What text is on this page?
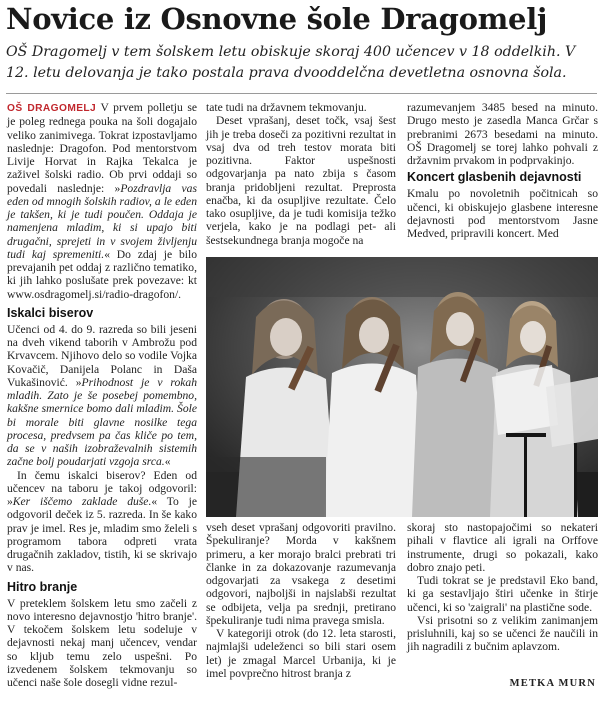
Novice iz Osnovne šole Dragomelj
OŠ Dragomelj v tem šolskem letu obiskuje skoraj 400 učencev v 18 oddelkih. V 12. letu delovanja je tako postala prava dvooddelčna devetletna osnovna šola.

OŠ DRAGOMELJ V prvem polletju se je poleg rednega pouka na šoli dogajalo veliko zanimivega. Tokrat izpostavljamo naslednje: Dragofon. Pod mentorstvom Livije Horvat in Rajka Tekalca je zaživel šolski radio. Ob prvi oddaji so povedali naslednje: »Pozdravlja vas eden od mnogih šolskih radiov, a le eden je takšen, ki je tudi poučen. Oddaja je namenjena mladim, ki si upajo biti drugačni, sprejeti in v svojem življenju tudi kaj spremeniti.« Do zdaj je bilo prevajanih pet oddaj z različno tematiko, ki jih lahko poslušate prek povezave: kt www.osdragomelj.si/radio-dragofon/.

Iskalci biserov

Učenci od 4. do 9. razreda so bili jeseni na dveh vikend taborih v Ambrožu pod Krvavcem. Njihovo delo so vodile Vojka Kovačič, Danijela Polanc in Daša Vukašinović. »Prihodnost je v rokah mladih. Zato je še posebej pomembno, kakšne smernice bomo dali mladim. Šole bi morale biti glavne nosilke tega procesa, predvsem pa čas kliče po tem, da se v naših izobraževalnih sistemih začne bolj poudarjati vzgoja srca.«

In čemu iskalci biserov? Eden od učencev na taboru je takoj odgovoril: »Ker iščemo zaklade duše.« To je odgovoril deček iz 5. razreda. In še kako prav je imel. Res je, mladim smo želeli s programom tabora odpreti vrata drugačnih zakladov, tistih, ki se skrivajo v nas.

Hitro branje

V preteklem šolskem letu smo začeli z novo interesno dejavnostjo 'hitro branje'. V tekočem šolskem letu sodeluje v dejavnosti nekaj manj učencev, vendar so kljub temu zelo uspešni. Po izvedenem šolskem tekmovanju so učenci naše šole dosegli vidne rezul-

tate tudi na državnem tekmovanju.

Deset vprašanj, deset točk, vsaj šest jih je treba doseči za pozitivni rezultat in vsaj dva od treh testov morata biti pozitivna. Faktor uspešnosti odgovarjanja pa nato zbija s časom branja pridobljeni rezultat. Preprosta enačba, ki da osupljive rezultate. Čelo tako osupljive, da je tudi komisija težko verjela, kako je na podlagi pet- ali šestsekundnega branja mogoče na

razumevanjem 3485 besed na minuto. Drugo mesto je zasedla Manca Grčar s prebranimi 2673 besedami na minuto. OŠ Dragomelj se torej lahko pohvali z državnim prvakom in podprvakinjo.

Koncert glasbenih dejavnosti

Kmalu po novoletnih počitnicah so učenci, ki obiskujejo glasbene interesne dejavnosti pod mentorstvom Jasne Medved, pripravili koncert. Med

vseh deset vprašanj odgovoriti pravilno. Špekuliranje? Morda v kakšnem primeru, a ker morajo bralci prebrati tri članke in za dokazovanje razumevanja odgovarjati za vsakega z desetimi odgovori, najboljši in najslabši rezultat se odbijeta, velja pa srednji, pretirano špekuliranje tudi nima pravega smisla.

V kategoriji otrok (do 12. leta starosti, najmlajši udeleženci so bili stari osem let) je zmagal Marcel Urbanija, ki je imel povprečno hitrost branja z

skoraj sto nastopajočimi so nekateri pihali v flavtice ali igrali na Orffove instrumente, drugi so pokazali, kako dobro znajo peti.

Tudi tokrat se je predstavil Eko band, ki ga sestavljajo štiri učenke in štirje učenci, ki so 'zaigrali' na plastične sode.

Vsi prisotni so z velikim zanimanjem prisluhnili, kaj so se učenci že naučili in jih nagradili z bučnim aplavzom.

METKA MURN
